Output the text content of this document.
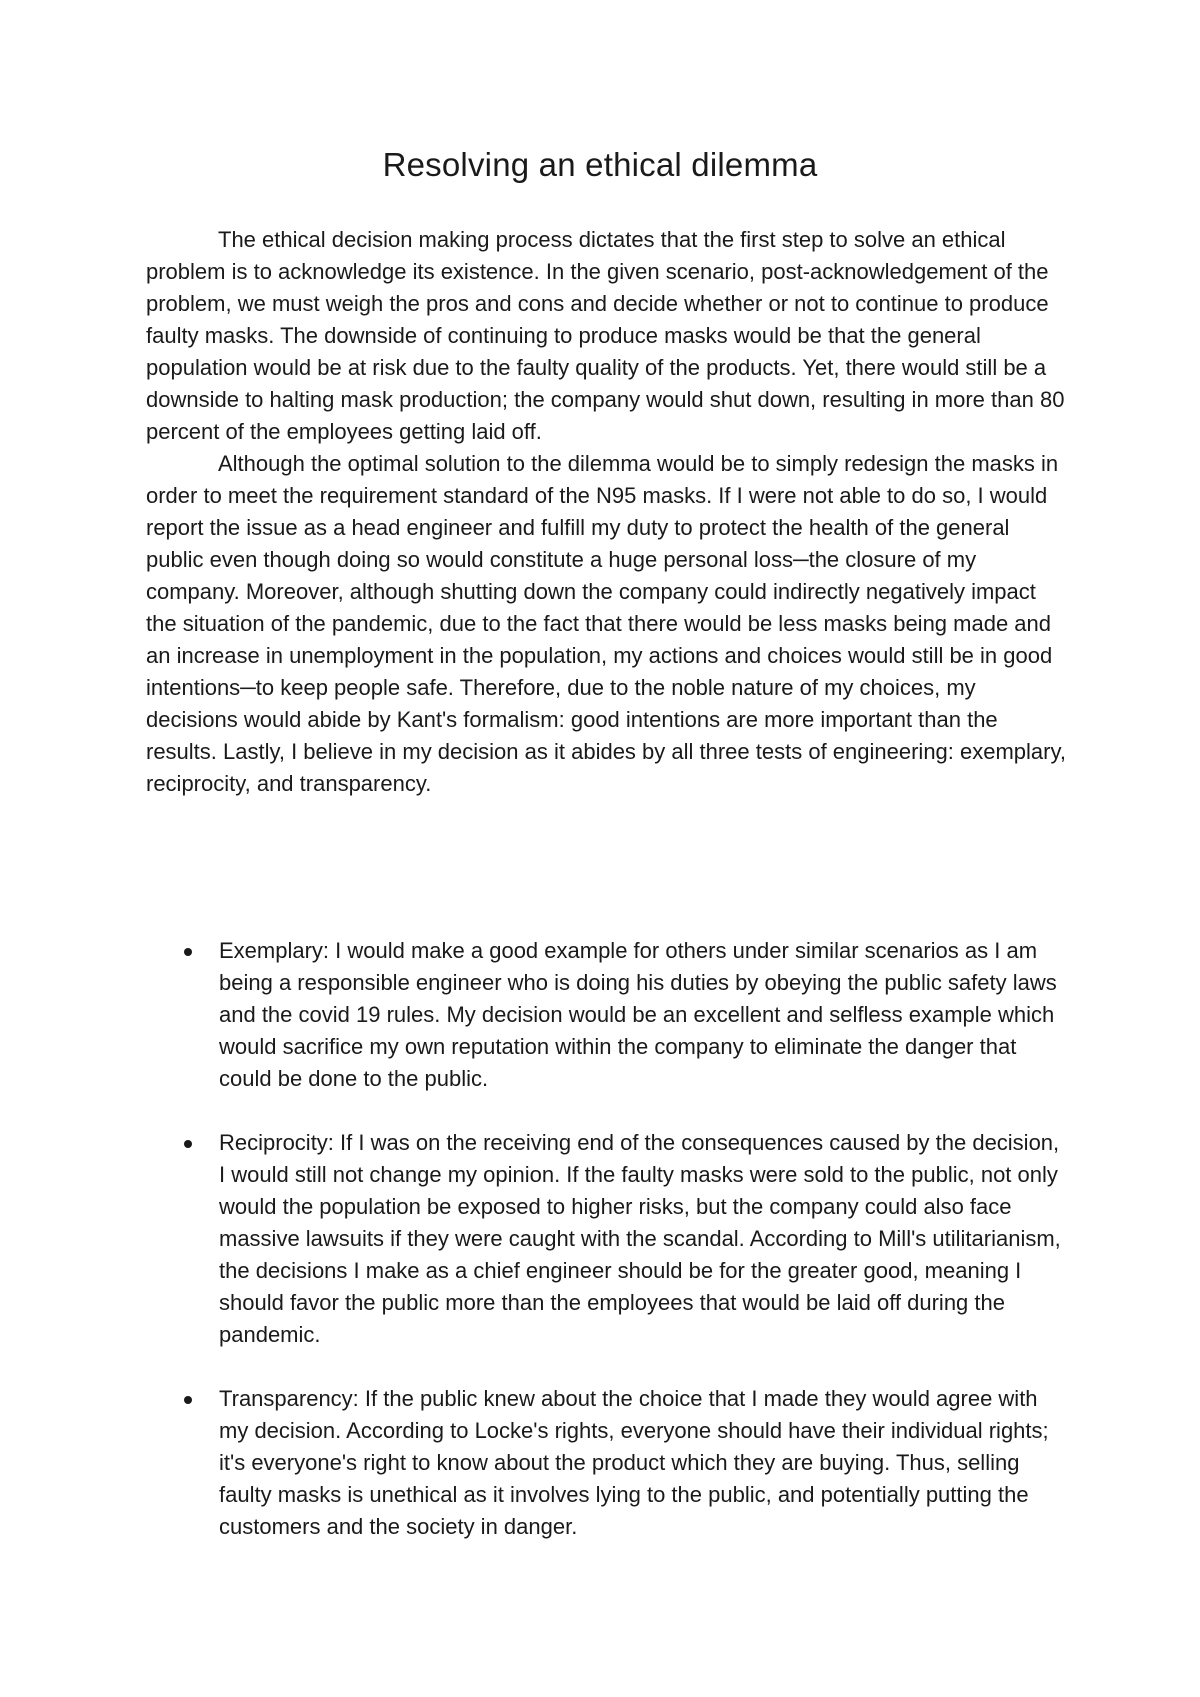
Resolving an ethical dilemma

The ethical decision making process dictates that the first step to solve an ethical problem is to acknowledge its existence. In the given scenario, post-acknowledgement of the problem, we must weigh the pros and cons and decide whether or not to continue to produce faulty masks. The downside of continuing to produce masks would be that the general population would be at risk due to the faulty quality of the products. Yet, there would still be a downside to halting mask production; the company would shut down, resulting in more than 80 percent of the employees getting laid off.

Although the optimal solution to the dilemma would be to simply redesign the masks in order to meet the requirement standard of the N95 masks. If I were not able to do so, I would report the issue as a head engineer and fulfill my duty to protect the health of the general public even though doing so would constitute a huge personal loss─the closure of my company. Moreover, although shutting down the company could indirectly negatively impact the situation of the pandemic, due to the fact that there would be less masks being made and an increase in unemployment in the population, my actions and choices would still be in good intentions─to keep people safe. Therefore, due to the noble nature of my choices, my decisions would abide by Kant's formalism: good intentions are more important than the results. Lastly, I believe in my decision as it abides by all three tests of engineering: exemplary, reciprocity, and transparency.

Exemplary: I would make a good example for others under similar scenarios as I am being a responsible engineer who is doing his duties by obeying the public safety laws and the covid 19 rules. My decision would be an excellent and selfless example which would sacrifice my own reputation within the company to eliminate the danger that could be done to the public.
Reciprocity: If I was on the receiving end of the consequences caused by the decision, I would still not change my opinion. If the faulty masks were sold to the public, not only would the population be exposed to higher risks, but the company could also face massive lawsuits if they were caught with the scandal. According to Mill's utilitarianism, the decisions I make as a chief engineer should be for the greater good, meaning I should favor the public more than the employees that would be laid off during the pandemic.
Transparency: If the public knew about the choice that I made they would agree with my decision. According to Locke's rights, everyone should have their individual rights; it's everyone's right to know about the product which they are buying. Thus, selling faulty masks is unethical as it involves lying to the public, and potentially putting the customers and the society in danger.
